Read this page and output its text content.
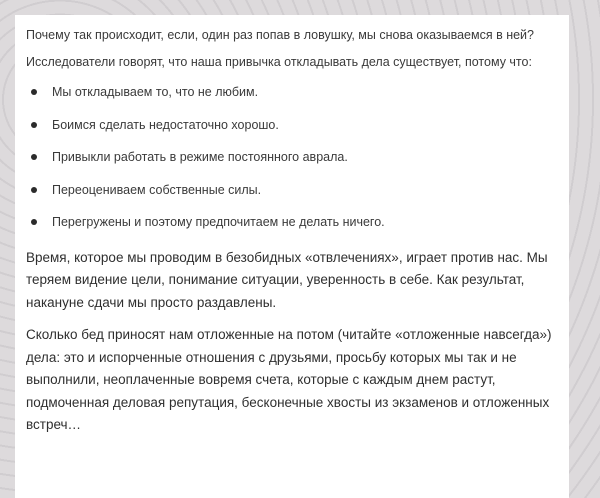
Почему так происходит, если, один раз попав в ловушку, мы снова оказываемся в ней?

Исследователи говорят, что наша привычка откладывать дела существует, потому что:

Мы откладываем то, что не любим.
Боимся сделать недостаточно хорошо.
Привыкли работать в режиме постоянного аврала.
Переоцениваем собственные силы.
Перегружены и поэтому предпочитаем не делать ничего.

Время, которое мы проводим в безобидных «отвлечениях», играет против нас. Мы теряем видение цели, понимание ситуации, уверенность в себе. Как результат, накануне сдачи мы просто раздавлены.

Сколько бед приносят нам отложенные на потом (читайте «отложенные навсегда») дела: это и испорченные отношения с друзьями, просьбу которых мы так и не выполнили, неоплаченные вовремя счета, которые с каждым днем растут, подмоченная деловая репутация, бесконечные хвосты из экзаменов и отложенных встреч…
